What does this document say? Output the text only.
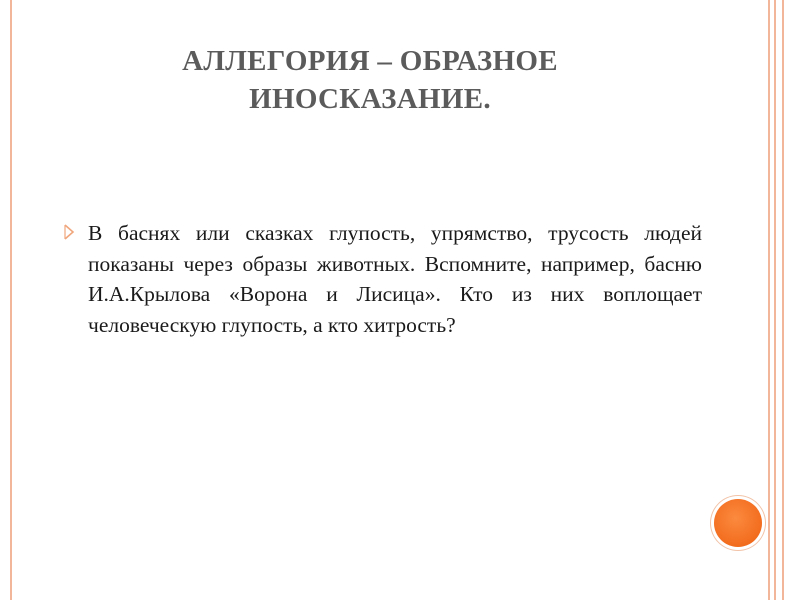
АЛЛЕГОРИЯ – ОБРАЗНОЕ
ИНОСКАЗАНИЕ.

В баснях или сказках глупость, упрямство, трусость людей показаны через образы животных. Вспомните, например, басню И.А.Крылова «Ворона и Лисица». Кто из них воплощает человеческую глупость, а кто хитрость?
